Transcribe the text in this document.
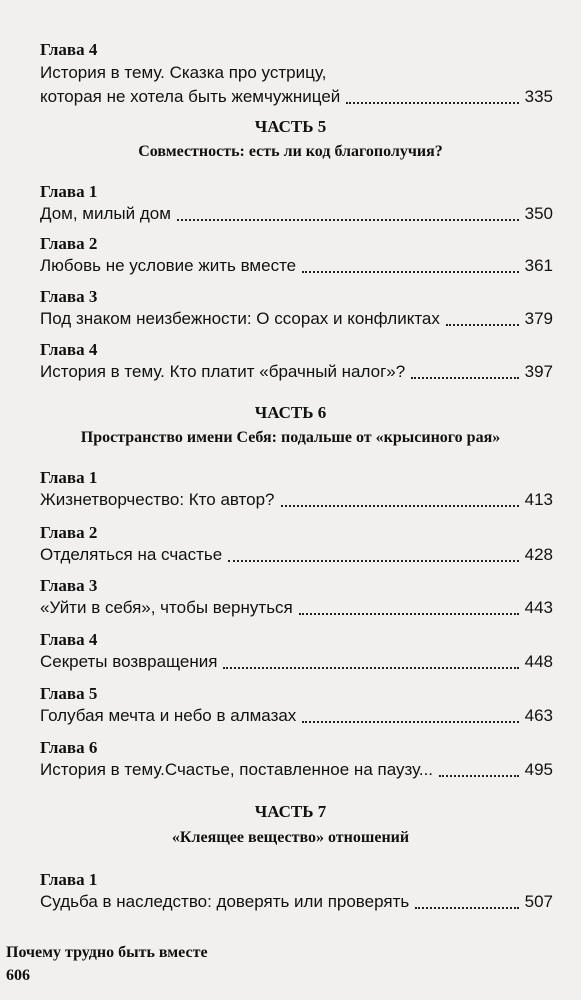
Глава 4
История в тему. Сказка про устрицу,
которая не хотела быть жемчужницей	335
ЧАСТЬ 5
Совместность: есть ли код благополучия?
Глава 1
Дом, милый дом	350
Глава 2
Любовь не условие жить вместе	361
Глава 3
Под знаком неизбежности: О ссорах и конфликтах	379
Глава 4
История в тему. Кто платит «брачный налог»?	397
ЧАСТЬ 6
Пространство имени Себя: подальше от «крысиного рая»
Глава 1
Жизнетворчество: Кто автор?	413
Глава 2
Отделяться на счастье	428
Глава 3
«Уйти в себя», чтобы вернуться	443
Глава 4
Секреты возвращения	448
Глава 5
Голубая мечта и небо в алмазах	463
Глава 6
История в тему.Счастье, поставленное на паузу...	495
ЧАСТЬ 7
«Клеящее вещество» отношений
Глава 1
Судьба в наследство: доверять или проверять	507
Почему трудно быть вместе
606
